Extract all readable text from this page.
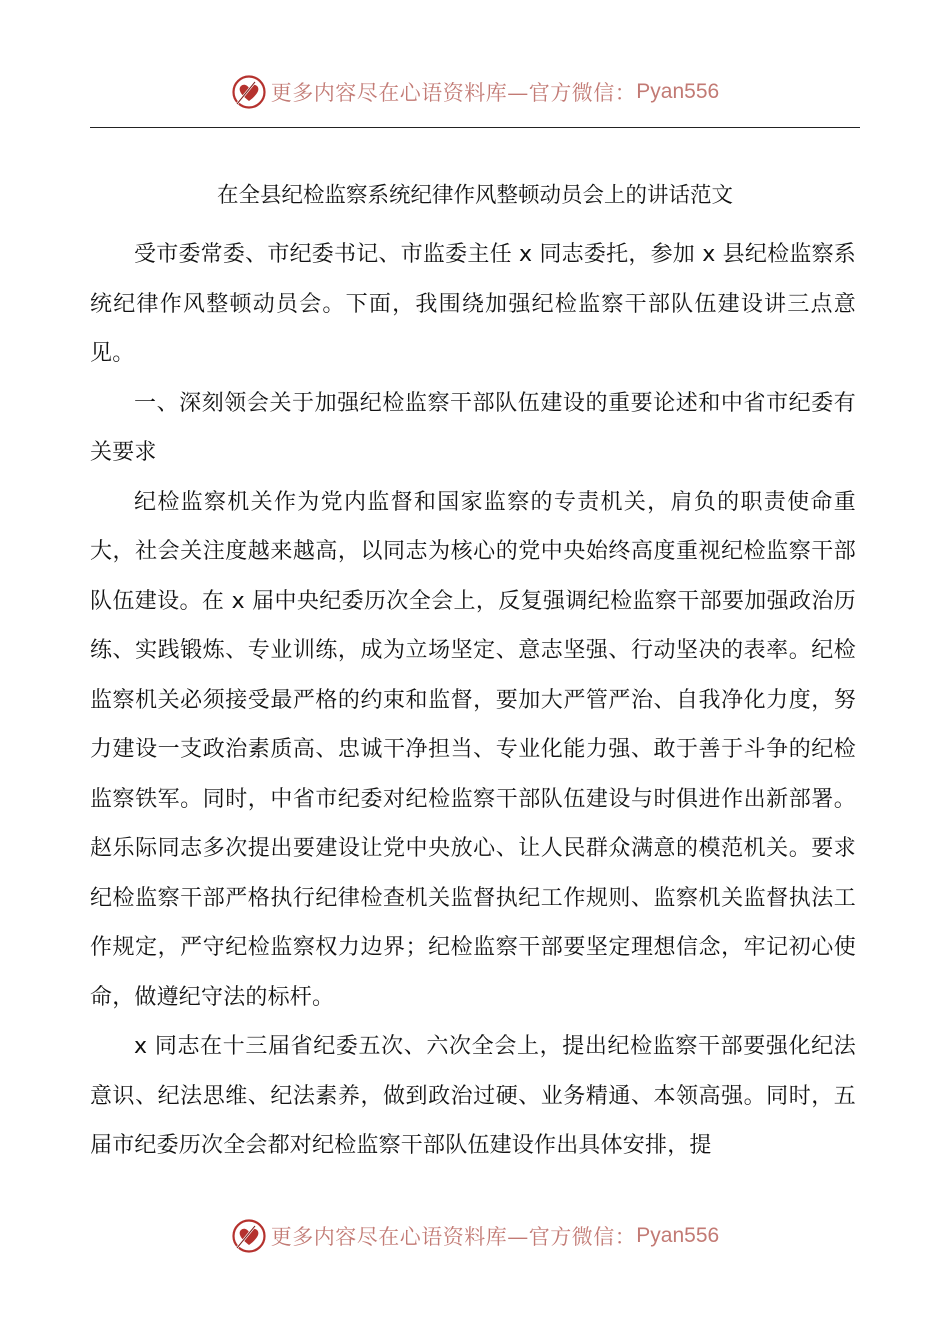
更多内容尽在心语资料库—官方微信： Pyan556
在全县纪检监察系统纪律作风整顿动员会上的讲话范文

受市委常委、市纪委书记、市监委主任 x 同志委托，参加 x 县纪检监察系统纪律作风整顿动员会。下面，我围绕加强纪检监察干部队伍建设讲三点意见。

一、深刻领会关于加强纪检监察干部队伍建设的重要论述和中省市纪委有关要求

纪检监察机关作为党内监督和国家监察的专责机关，肩负的职责使命重大，社会关注度越来越高，以同志为核心的党中央始终高度重视纪检监察干部队伍建设。在 x 届中央纪委历次全会上，反复强调纪检监察干部要加强政治历练、实践锻炼、专业训练，成为立场坚定、意志坚强、行动坚决的表率。纪检监察机关必须接受最严格的约束和监督，要加大严管严治、自我净化力度，努力建设一支政治素质高、忠诚干净担当、专业化能力强、敢于善于斗争的纪检监察铁军。同时，中省市纪委对纪检监察干部队伍建设与时俱进作出新部署。赵乐际同志多次提出要建设让党中央放心、让人民群众满意的模范机关。要求纪检监察干部严格执行纪律检查机关监督执纪工作规则、监察机关监督执法工作规定，严守纪检监察权力边界；纪检监察干部要坚定理想信念，牢记初心使命，做遵纪守法的标杆。

x 同志在十三届省纪委五次、六次全会上，提出纪检监察干部要强化纪法意识、纪法思维、纪法素养，做到政治过硬、业务精通、本领高强。同时，五届市纪委历次全会都对纪检监察干部队伍建设作出具体安排，提

更多内容尽在心语资料库—官方微信： Pyan556
